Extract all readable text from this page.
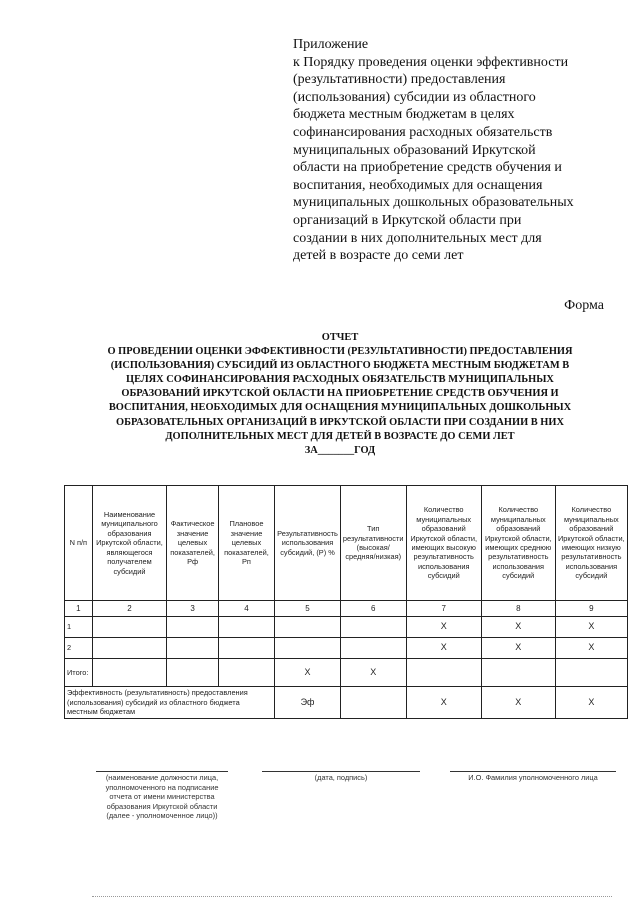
Приложение
к Порядку проведения оценки эффективности
(результативности) предоставления
(использования) субсидии из областного
бюджета местным бюджетам в целях
софинансирования расходных обязательств
муниципальных образований Иркутской
области на приобретение средств обучения и
воспитания, необходимых для оснащения
муниципальных дошкольных образовательных
организаций в Иркутской области при
создании в них дополнительных мест для
детей в возрасте до семи лет
Форма
ОТЧЕТ
О ПРОВЕДЕНИИ ОЦЕНКИ ЭФФЕКТИВНОСТИ (РЕЗУЛЬТАТИВНОСТИ) ПРЕДОСТАВЛЕНИЯ
(ИСПОЛЬЗОВАНИЯ) СУБСИДИЙ ИЗ ОБЛАСТНОГО БЮДЖЕТА МЕСТНЫМ БЮДЖЕТАМ В
ЦЕЛЯХ СОФИНАНСИРОВАНИЯ РАСХОДНЫХ ОБЯЗАТЕЛЬСТВ МУНИЦИПАЛЬНЫХ
ОБРАЗОВАНИЙ ИРКУТСКОЙ ОБЛАСТИ НА ПРИОБРЕТЕНИЕ СРЕДСТВ ОБУЧЕНИЯ И
ВОСПИТАНИЯ, НЕОБХОДИМЫХ ДЛЯ ОСНАЩЕНИЯ МУНИЦИПАЛЬНЫХ ДОШКОЛЬНЫХ
ОБРАЗОВАТЕЛЬНЫХ ОРГАНИЗАЦИЙ В ИРКУТСКОЙ ОБЛАСТИ ПРИ СОЗДАНИИ В НИХ
ДОПОЛНИТЕЛЬНЫХ МЕСТ ДЛЯ ДЕТЕЙ В ВОЗРАСТЕ ДО СЕМИ ЛЕТ
ЗА_______ГОД
N п/п	Наименование муниципального образования Иркутской области, являющегося получателем субсидий	Фактическое значение целевых показателей, Рф	Плановое значение целевых показателей, Рп	Результативность использования субсидий, (Р) %	Тип результативности (высокая/средняя/низкая)	Количество муниципальных образований Иркутской области, имеющих высокую результативность использования субсидий	Количество муниципальных образований Иркутской области, имеющих среднюю результативность использования субсидий	Количество муниципальных образований Иркутской области, имеющих низкую результативность использования субсидий
1	2	3	4	5	6	7	8	9
1						X	X	X
2						X	X	X
Итого:				X	X			
Эффективность (результативность) предоставления (использования) субсидий из областного бюджета местным бюджетам				Эф		X	X	X
(наименование должности лица, уполномоченного на подписание отчета от имени министерства образования Иркутской области (далее - уполномоченное лицо))
(дата, подпись)	И.О. Фамилия уполномоченного лица
